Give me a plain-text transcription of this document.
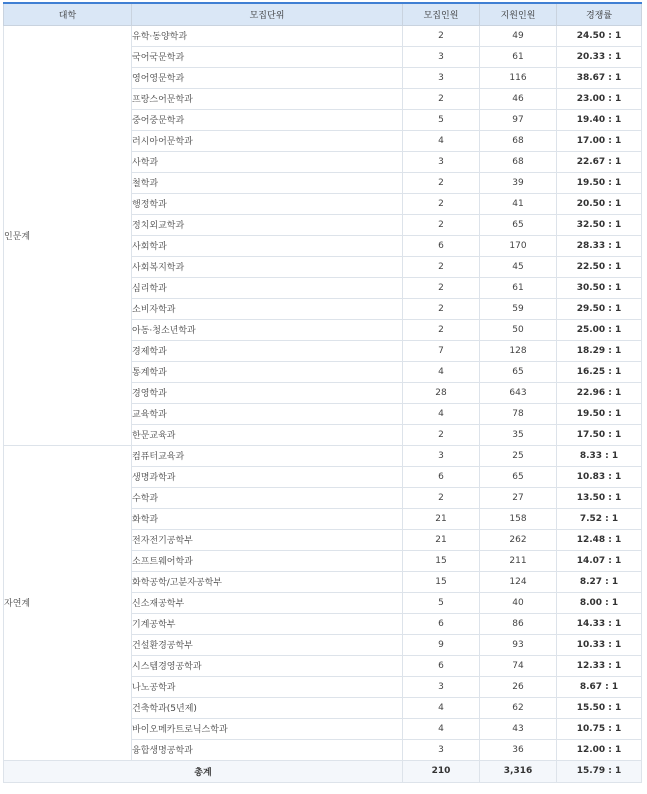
대학	모집단위	모집인원	지원인원	경쟁률
인문계	유학·동양학과	2	49	24.50 : 1
	국어국문학과	3	61	20.33 : 1
	영어영문학과	3	116	38.67 : 1
	프랑스어문학과	2	46	23.00 : 1
	중어중문학과	5	97	19.40 : 1
	러시아어문학과	4	68	17.00 : 1
	사학과	3	68	22.67 : 1
	철학과	2	39	19.50 : 1
	행정학과	2	41	20.50 : 1
	정치외교학과	2	65	32.50 : 1
	사회학과	6	170	28.33 : 1
	사회복지학과	2	45	22.50 : 1
	심리학과	2	61	30.50 : 1
	소비자학과	2	59	29.50 : 1
	아동·청소년학과	2	50	25.00 : 1
	경제학과	7	128	18.29 : 1
	통계학과	4	65	16.25 : 1
	경영학과	28	643	22.96 : 1
	교육학과	4	78	19.50 : 1
	한문교육과	2	35	17.50 : 1
자연계	컴퓨터교육과	3	25	8.33 : 1
	생명과학과	6	65	10.83 : 1
	수학과	2	27	13.50 : 1
	화학과	21	158	7.52 : 1
	전자전기공학부	21	262	12.48 : 1
	소프트웨어학과	15	211	14.07 : 1
	화학공학/고분자공학부	15	124	8.27 : 1
	신소재공학부	5	40	8.00 : 1
	기계공학부	6	86	14.33 : 1
	건설환경공학부	9	93	10.33 : 1
	시스템경영공학과	6	74	12.33 : 1
	나노공학과	3	26	8.67 : 1
	건축학과(5년제)	4	62	15.50 : 1
	바이오메카트로닉스학과	4	43	10.75 : 1
	융합생명공학과	3	36	12.00 : 1
총계		210	3,316	15.79 : 1
